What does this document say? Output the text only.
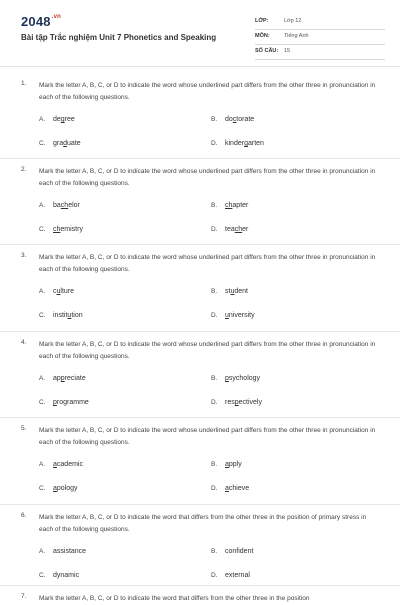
$2048^{.vn}$
Bài tập Trắc nghiệm Unit 7 Phonetics and Speaking
LỚP:	Lớp 12
MÔN:	Tiếng Anh
SỐ CÂU: 15
1. Mark the letter A, B, C, or D to indicate the word whose underlined part differs from the other three in pronunciation in each of the following questions.
A. degree	B. doctorate
C. graduate	D. kindergarten
2. Mark the letter A, B, C, or D to indicate the word whose underlined part differs from the other three in pronunciation in each of the following questions.
A. bachelor	B. chapter
C. chemistry	D. teacher
3. Mark the letter A, B, C, or D to indicate the word whose underlined part differs from the other three in pronunciation in each of the following questions.
A. culture	B. student
C. institution	D. university
4. Mark the letter A, B, C, or D to indicate the word whose underlined part differs from the other three in pronunciation in each of the following questions.
A. appreciate	B. psychology
C. programme	D. respectively
5. Mark the letter A, B, C, or D to indicate the word whose underlined part differs from the other three in pronunciation in each of the following questions.
A. academic	B. apply
C. apology	D. achieve
6. Mark the letter A, B, C, or D to indicate the word that differs from the other three in the position of primary stress in each of the following questions.
A. assistance	B. confident
C. dynamic	D. external
7. Mark the letter A, B, C, or D to indicate the word that differs from the other three in the position
